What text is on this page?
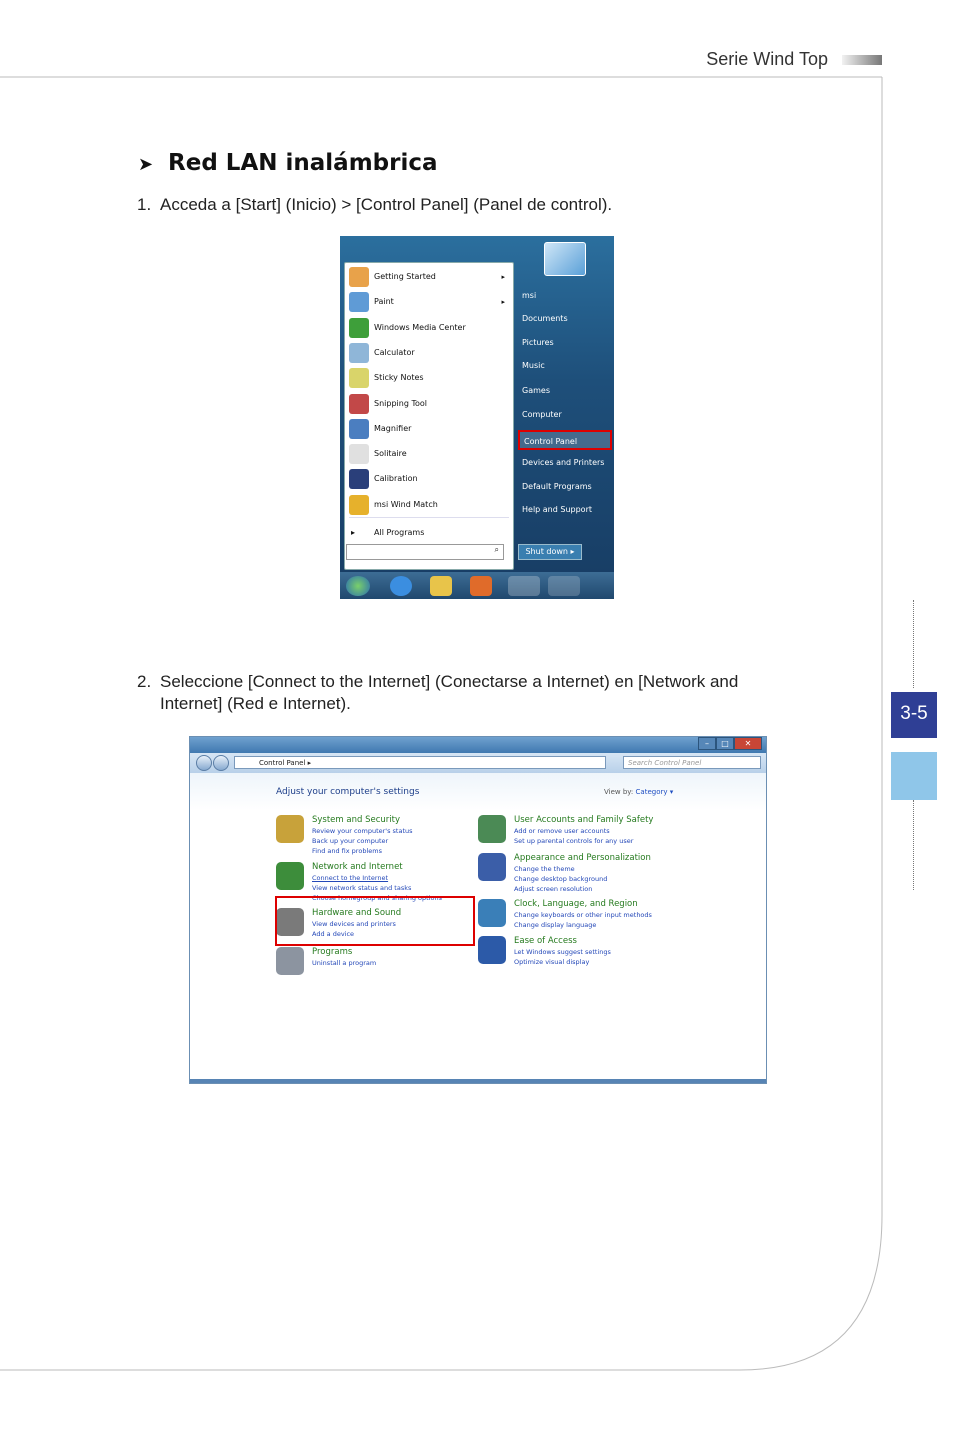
Serie Wind Top
➤ Red LAN inalámbrica
1. Acceda a [Start] (Inicio) > [Control Panel] (Panel de control).
2. Seleccione [Connect to the Internet] (Conectarse a Internet) en [Network and
Internet] (Red e Internet).	3-5
Getting Started	▸
Paint	▸
Windows Media Center
Calculator
Sticky Notes
Snipping Tool
Magnifier
Solitaire
Calibration
msi Wind Match
▸ All Programs
⌕
msi
Documents
Pictures
Music
Games
Computer
Control Panel
Devices and Printers
Default Programs
Help and Support
Shut down ▸
– □ ✕
Control Panel ▸	Search Control Panel
Adjust your computer's settings	View by: Category ▾
System and Security
Review your computer's status
Back up your computer
Find and fix problems
Network and Internet
Connect to the Internet
View network status and tasks
Choose homegroup and sharing options
Hardware and Sound
View devices and printers
Add a device
Programs
Uninstall a program
User Accounts and Family Safety
Add or remove user accounts
Set up parental controls for any user
Appearance and Personalization
Change the theme
Change desktop background
Adjust screen resolution
Clock, Language, and Region
Change keyboards or other input methods
Change display language
Ease of Access
Let Windows suggest settings
Optimize visual display
